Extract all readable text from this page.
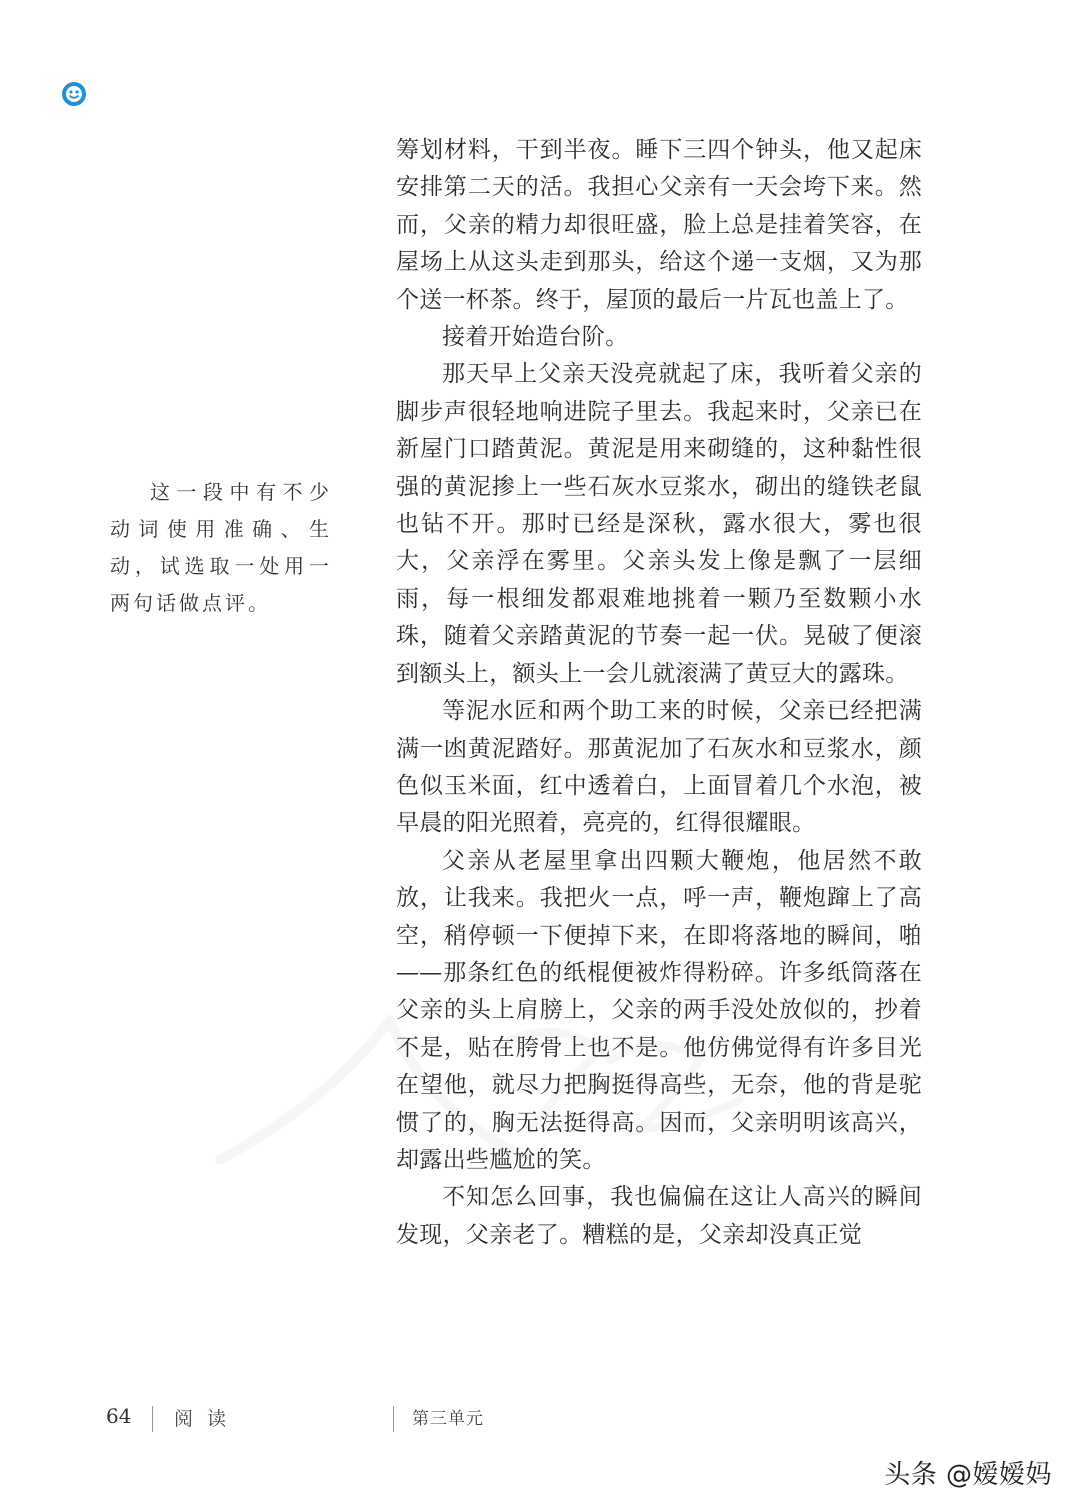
筹划材料，干到半夜。睡下三四个钟头，他又起床安排第二天的活。我担心父亲有一天会垮下来。然而，父亲的精力却很旺盛，脸上总是挂着笑容，在屋场上从这头走到那头，给这个递一支烟，又为那个送一杯茶。终于，屋顶的最后一片瓦也盖上了。

接着开始造台阶。

那天早上父亲天没亮就起了床，我听着父亲的脚步声很轻地响进院子里去。我起来时，父亲已在新屋门口踏黄泥。黄泥是用来砌缝的，这种黏性很强的黄泥掺上一些石灰水豆浆水，砌出的缝铁老鼠也钻不开。那时已经是深秋，露水很大，雾也很大，父亲浮在雾里。父亲头发上像是飘了一层细雨，每一根细发都艰难地挑着一颗乃至数颗小水珠，随着父亲踏黄泥的节奏一起一伏。晃破了便滚到额头上，额头上一会儿就滚满了黄豆大的露珠。

等泥水匠和两个助工来的时候，父亲已经把满满一凼黄泥踏好。那黄泥加了石灰水和豆浆水，颜色似玉米面，红中透着白，上面冒着几个水泡，被早晨的阳光照着，亮亮的，红得很耀眼。

父亲从老屋里拿出四颗大鞭炮，他居然不敢放，让我来。我把火一点，呼一声，鞭炮蹿上了高空，稍停顿一下便掉下来，在即将落地的瞬间，啪——那条红色的纸棍便被炸得粉碎。许多纸筒落在父亲的头上肩膀上，父亲的两手没处放似的，抄着不是，贴在胯骨上也不是。他仿佛觉得有许多目光在望他，就尽力把胸挺得高些，无奈，他的背是驼惯了的，胸无法挺得高。因而，父亲明明该高兴，却露出些尴尬的笑。

不知怎么回事，我也偏偏在这让人高兴的瞬间发现，父亲老了。糟糕的是，父亲却没真正觉

这一段中有不少动词使用准确、生动，试选取一处用一两句话做点评。

64 阅 读	第三单元
头条 @嫒嫒妈
